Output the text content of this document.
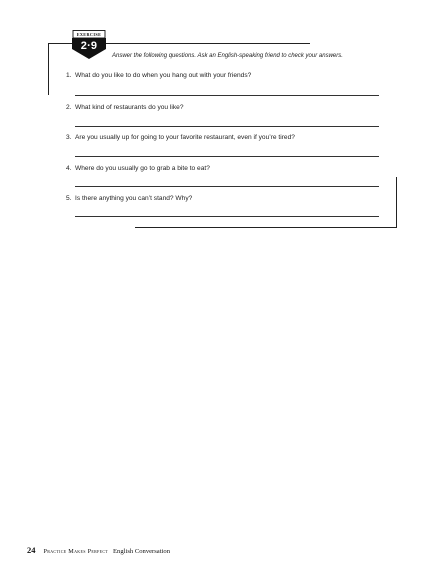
EXERCISE
2·9
Answer the following questions. Ask an English-speaking friend to check your answers.
1. What do you like to do when you hang out with your friends?
2. What kind of restaurants do you like?
3. Are you usually up for going to your favorite restaurant, even if you’re tired?
4. Where do you usually go to grab a bite to eat?
5. Is there anything you can’t stand? Why?
24 Practice Makes Perfect English Conversation
